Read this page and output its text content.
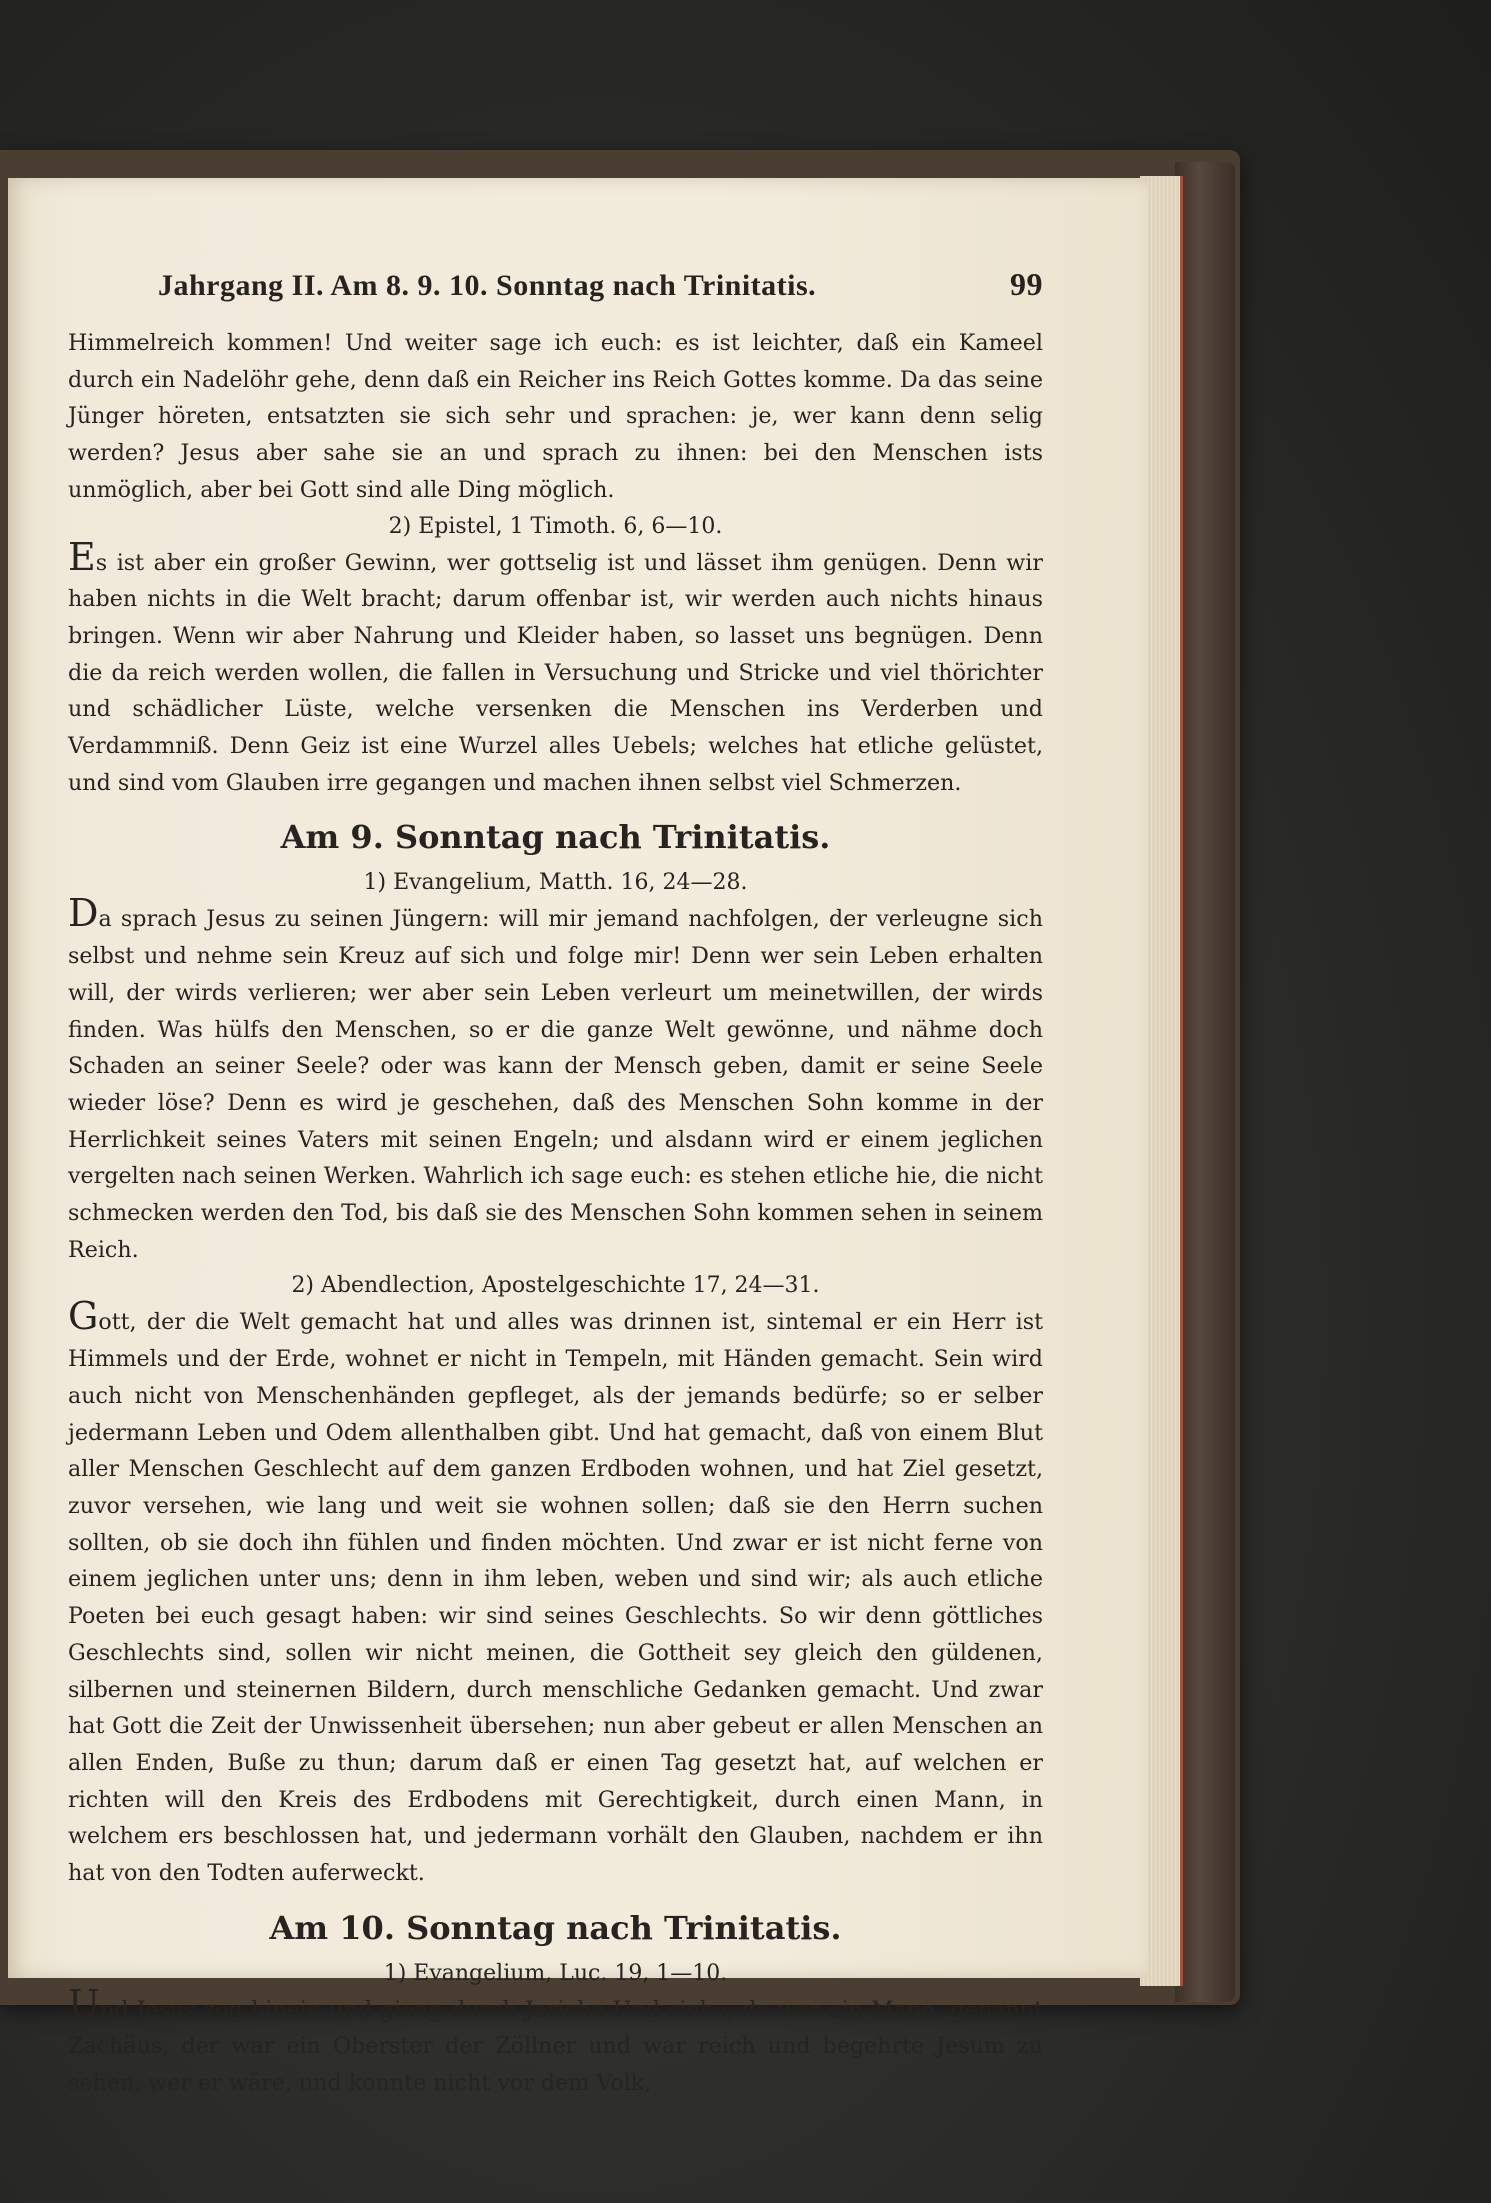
Jahrgang II. Am 8. 9. 10. Sonntag nach Trinitatis.	99

Himmelreich kommen! Und weiter sage ich euch: es ist leichter, daß ein Kameel durch ein Nadelöhr gehe, denn daß ein Reicher ins Reich Gottes komme. Da das seine Jünger höreten, entsatzten sie sich sehr und sprachen: je, wer kann denn selig werden? Jesus aber sahe sie an und sprach zu ihnen: bei den Menschen ists unmöglich, aber bei Gott sind alle Ding möglich.

2) Epistel, 1 Timoth. 6, 6—10.

Es ist aber ein großer Gewinn, wer gottselig ist und lässet ihm genügen. Denn wir haben nichts in die Welt bracht; darum offenbar ist, wir werden auch nichts hinaus bringen. Wenn wir aber Nahrung und Kleider haben, so lasset uns begnügen. Denn die da reich werden wollen, die fallen in Versuchung und Stricke und viel thörichter und schädlicher Lüste, welche versenken die Menschen ins Verderben und Verdammniß. Denn Geiz ist eine Wurzel alles Uebels; welches hat etliche gelüstet, und sind vom Glauben irre gegangen und machen ihnen selbst viel Schmerzen.

Am 9. Sonntag nach Trinitatis.

1) Evangelium, Matth. 16, 24—28.

Da sprach Jesus zu seinen Jüngern: will mir jemand nachfolgen, der verleugne sich selbst und nehme sein Kreuz auf sich und folge mir! Denn wer sein Leben erhalten will, der wirds verlieren; wer aber sein Leben verleurt um meinetwillen, der wirds finden. Was hülfs den Menschen, so er die ganze Welt gewönne, und nähme doch Schaden an seiner Seele? oder was kann der Mensch geben, damit er seine Seele wieder löse? Denn es wird je geschehen, daß des Menschen Sohn komme in der Herrlichkeit seines Vaters mit seinen Engeln; und alsdann wird er einem jeglichen vergelten nach seinen Werken. Wahrlich ich sage euch: es stehen etliche hie, die nicht schmecken werden den Tod, bis daß sie des Menschen Sohn kommen sehen in seinem Reich.

2) Abendlection, Apostelgeschichte 17, 24—31.

Gott, der die Welt gemacht hat und alles was drinnen ist, sintemal er ein Herr ist Himmels und der Erde, wohnet er nicht in Tempeln, mit Händen gemacht. Sein wird auch nicht von Menschenhänden gepfleget, als der jemands bedürfe; so er selber jedermann Leben und Odem allenthalben gibt. Und hat gemacht, daß von einem Blut aller Menschen Geschlecht auf dem ganzen Erdboden wohnen, und hat Ziel gesetzt, zuvor versehen, wie lang und weit sie wohnen sollen; daß sie den Herrn suchen sollten, ob sie doch ihn fühlen und finden möchten. Und zwar er ist nicht ferne von einem jeglichen unter uns; denn in ihm leben, weben und sind wir; als auch etliche Poeten bei euch gesagt haben: wir sind seines Geschlechts. So wir denn göttliches Geschlechts sind, sollen wir nicht meinen, die Gottheit sey gleich den güldenen, silbernen und steinernen Bildern, durch menschliche Gedanken gemacht. Und zwar hat Gott die Zeit der Unwissenheit übersehen; nun aber gebeut er allen Menschen an allen Enden, Buße zu thun; darum daß er einen Tag gesetzt hat, auf welchen er richten will den Kreis des Erdbodens mit Gerechtigkeit, durch einen Mann, in welchem ers beschlossen hat, und jedermann vorhält den Glauben, nachdem er ihn hat von den Todten auferweckt.

Am 10. Sonntag nach Trinitatis.

1) Evangelium, Luc. 19, 1—10.

Und Jesus zog hinein und gieng durch Jericho Und siehe, da war ein Mann, genannt Zachäus, der war ein Oberster der Zöllner und war reich und begehrte Jesum zu sehen, wer er wäre, und konnte nicht vor dem Volk,
